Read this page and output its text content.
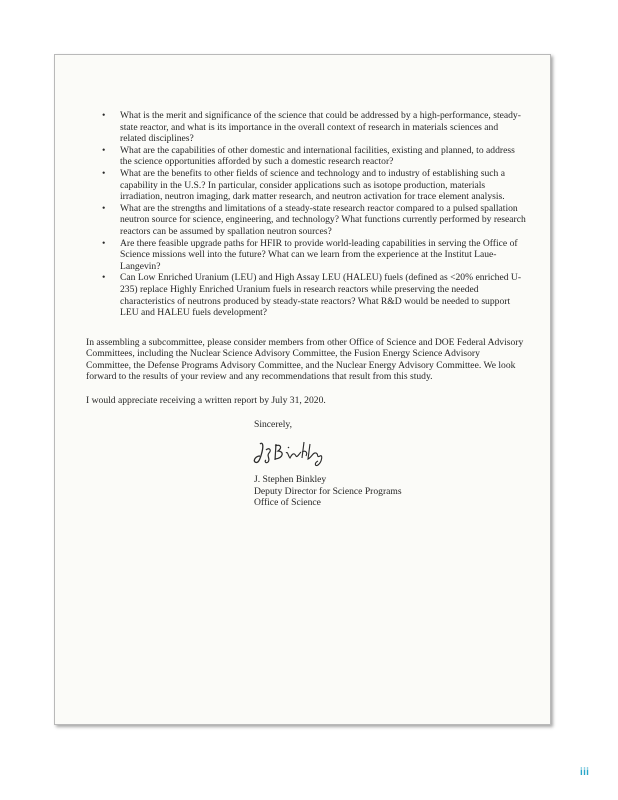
• What is the merit and significance of the science that could be addressed by a high-performance, steady-state reactor, and what is its importance in the overall context of research in materials sciences and related disciplines?
• What are the capabilities of other domestic and international facilities, existing and planned, to address the science opportunities afforded by such a domestic research reactor?
• What are the benefits to other fields of science and technology and to industry of establishing such a capability in the U.S.? In particular, consider applications such as isotope production, materials irradiation, neutron imaging, dark matter research, and neutron activation for trace element analysis.
• What are the strengths and limitations of a steady-state research reactor compared to a pulsed spallation neutron source for science, engineering, and technology? What functions currently performed by research reactors can be assumed by spallation neutron sources?
• Are there feasible upgrade paths for HFIR to provide world-leading capabilities in serving the Office of Science missions well into the future? What can we learn from the experience at the Institut Laue-Langevin?
• Can Low Enriched Uranium (LEU) and High Assay LEU (HALEU) fuels (defined as <20% enriched U-235) replace Highly Enriched Uranium fuels in research reactors while preserving the needed characteristics of neutrons produced by steady-state reactors? What R&D would be needed to support LEU and HALEU fuels development?

In assembling a subcommittee, please consider members from other Office of Science and DOE Federal Advisory Committees, including the Nuclear Science Advisory Committee, the Fusion Energy Science Advisory Committee, the Defense Programs Advisory Committee, and the Nuclear Energy Advisory Committee. We look forward to the results of your review and any recommendations that result from this study.

I would appreciate receiving a written report by July 31, 2020.

Sincerely,

J. Stephen Binkley
Deputy Director for Science Programs
Office of Science
iii
